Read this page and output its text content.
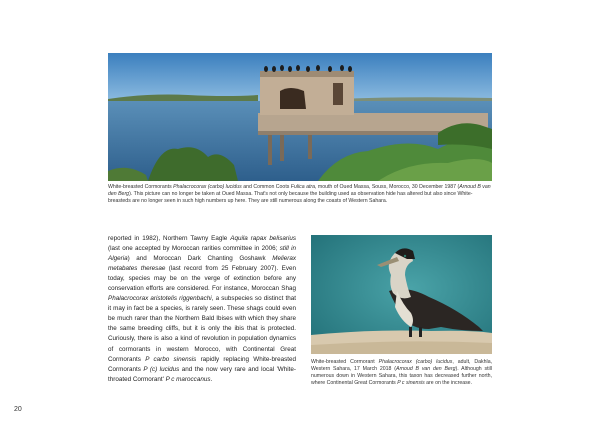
White-breasted Cormorants Phalacrocorax (carbo) lucidus and Common Coots Fulica atra, mouth of Oued Massa, Souss, Morocco, 30 December 1987 (Arnoud B van den Berg). This picture can no longer be taken at Oued Massa. That's not only because the building used as observation hide has altered but also since White-breasteds are no longer seen in such high numbers up here. They are still numerous along the coasts of Western Sahara.
reported in 1982), Northern Tawny Eagle Aquila rapax belisarius (last one accepted by Moroccan rarities committee in 2006; still in Algeria) and Moroccan Dark Chanting Goshawk Melierax metabates theresae (last record from 25 February 2007). Even today, species may be on the verge of extinction before any conservation efforts are considered. For instance, Moroccan Shag Phalacrocorax aristotelis riggenbachi, a subspecies so distinct that it may in fact be a species, is rarely seen. These shags could even be much rarer than the Northern Bald Ibises with which they share the same breeding cliffs, but it is only the ibis that is protected. Curiously, there is also a kind of revolution in population dynamics of cormorants in western Morocco, with Continental Great Cormorants P carbo sinensis rapidly replacing White-breasted Cormorants P (c) lucidus and the now very rare and local 'White-throated Cormorant' P c maroccanus.
White-breasted Cormorant Phalacrocorax (carbo) lucidus, adult, Dakhla, Western Sahara, 17 March 2018 (Arnoud B van den Berg). Although still numerous down in Western Sahara, this taxon has decreased further north, where Continental Great Cormorants P c sinensis are on the increase.
20
